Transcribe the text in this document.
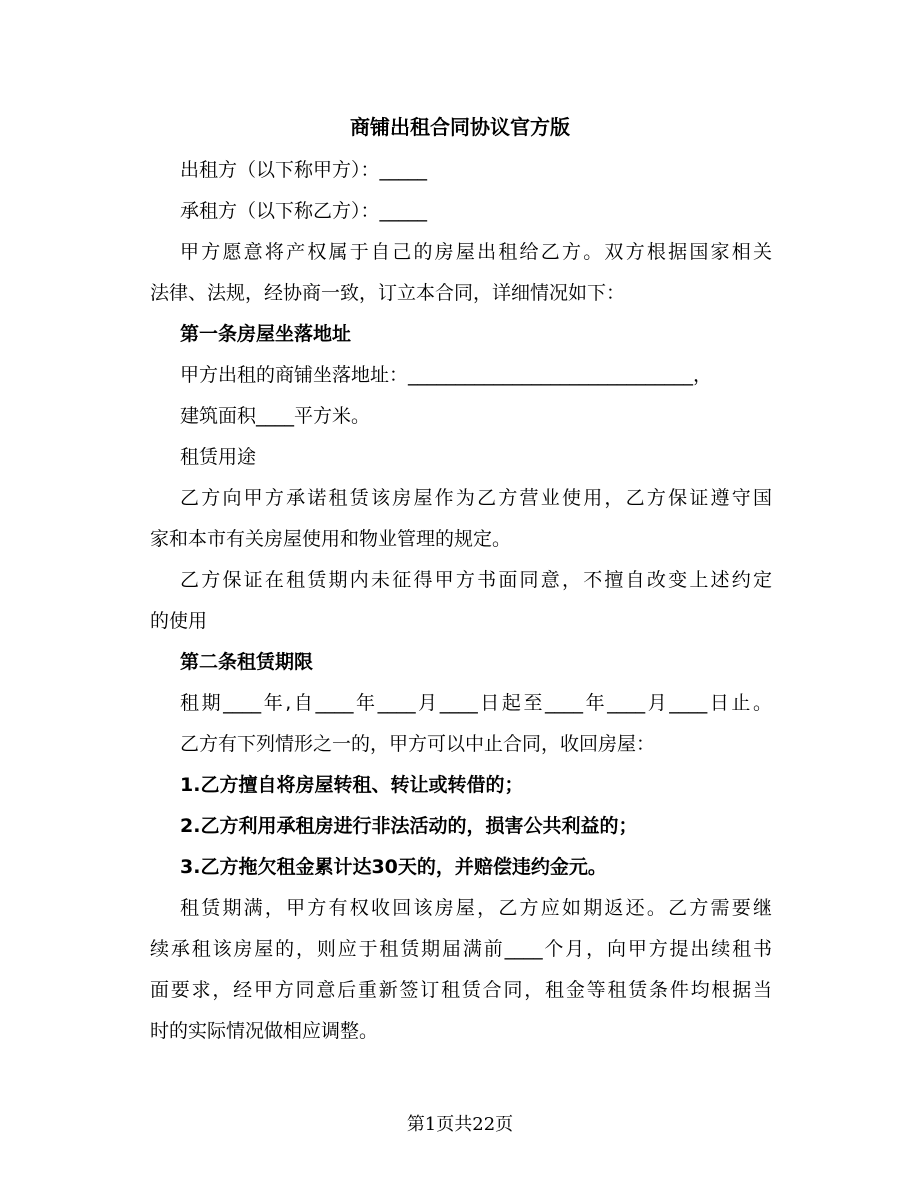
商铺出租合同协议官方版
出租方（以下称甲方）：_____
承租方（以下称乙方）：_____
甲方愿意将产权属于自己的房屋出租给乙方。双方根据国家相关
法律、法规，经协商一致，订立本合同，详细情况如下：
第一条房屋坐落地址
甲方出租的商铺坐落地址：______________________________，
建筑面积____平方米。
租赁用途
乙方向甲方承诺租赁该房屋作为乙方营业使用，乙方保证遵守国
家和本市有关房屋使用和物业管理的规定。
乙方保证在租赁期内未征得甲方书面同意，不擅自改变上述约定
的使用
第二条租赁期限
租期____年,自____年____月____日起至____年____月____日止。
乙方有下列情形之一的，甲方可以中止合同，收回房屋：
1.乙方擅自将房屋转租、转让或转借的；
2.乙方利用承租房进行非法活动的，损害公共利益的；
3.乙方拖欠租金累计达30天的，并赔偿违约金元。
租赁期满，甲方有权收回该房屋，乙方应如期返还。乙方需要继
续承租该房屋的，则应于租赁期届满前____个月，向甲方提出续租书
面要求，经甲方同意后重新签订租赁合同，租金等租赁条件均根据当
时的实际情况做相应调整。
第1页共22页
